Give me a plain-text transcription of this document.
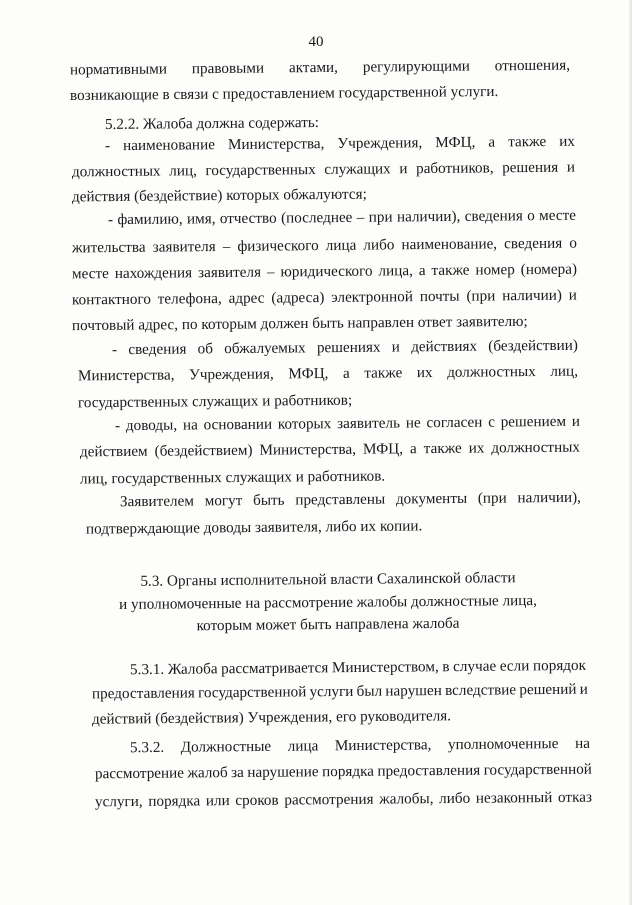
40
нормативными правовыми актами, регулирующими отношения,
возникающие в связи с предоставлением государственной услуги.
5.2.2. Жалоба должна содержать:
- наименование Министерства, Учреждения, МФЦ, а также их
должностных лиц, государственных служащих и работников, решения и
действия (бездействие) которых обжалуются;
- фамилию, имя, отчество (последнее – при наличии), сведения о месте
жительства заявителя – физического лица либо наименование, сведения о
месте нахождения заявителя – юридического лица, а также номер (номера)
контактного телефона, адрес (адреса) электронной почты (при наличии) и
почтовый адрес, по которым должен быть направлен ответ заявителю;
- сведения об обжалуемых решениях и действиях (бездействии)
Министерства, Учреждения, МФЦ, а также их должностных лиц,
государственных служащих и работников;
- доводы, на основании которых заявитель не согласен с решением и
действием (бездействием) Министерства, МФЦ, а также их должностных
лиц, государственных служащих и работников.
Заявителем могут быть представлены документы (при наличии),
подтверждающие доводы заявителя, либо их копии.
5.3. Органы исполнительной власти Сахалинской области
и уполномоченные на рассмотрение жалобы должностные лица,
которым может быть направлена жалоба
5.3.1. Жалоба рассматривается Министерством, в случае если порядок
предоставления государственной услуги был нарушен вследствие решений и
действий (бездействия) Учреждения, его руководителя.
5.3.2. Должностные лица Министерства, уполномоченные на
рассмотрение жалоб за нарушение порядка предоставления государственной
услуги, порядка или сроков рассмотрения жалобы, либо незаконный отказ
